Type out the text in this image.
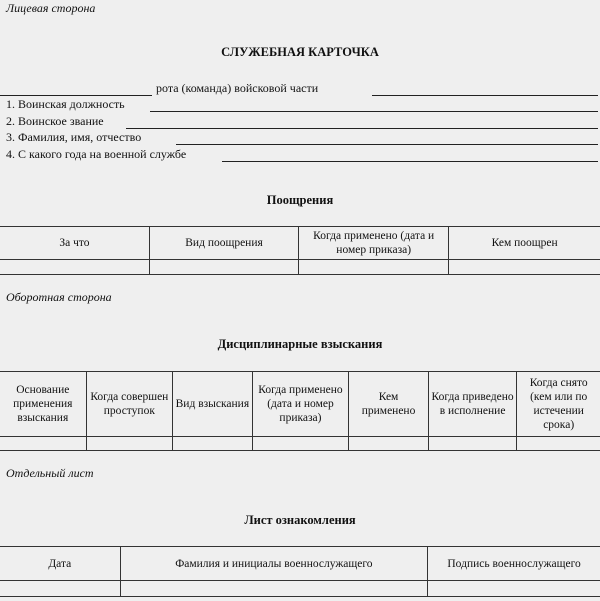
Лицевая сторона
СЛУЖЕБНАЯ КАРТОЧКА
рота (команда) войсковой части
1. Воинская должность
2. Воинское звание
3. Фамилия, имя, отчество
4. С какого года на военной службе
Поощрения
За что	Вид поощрения	Когда применено (дата и номер приказа)	Кем поощрен

Оборотная сторона
Дисциплинарные взыскания
Основание применения взыскания	Когда совершен проступок	Вид взыскания	Когда применено (дата и номер приказа)	Кем применено	Когда приведено в исполнение	Когда снято (кем или по истечении срока)

Отдельный лист
Лист ознакомления
Дата	Фамилия и инициалы военнослужащего	Подпись военнослужащего
